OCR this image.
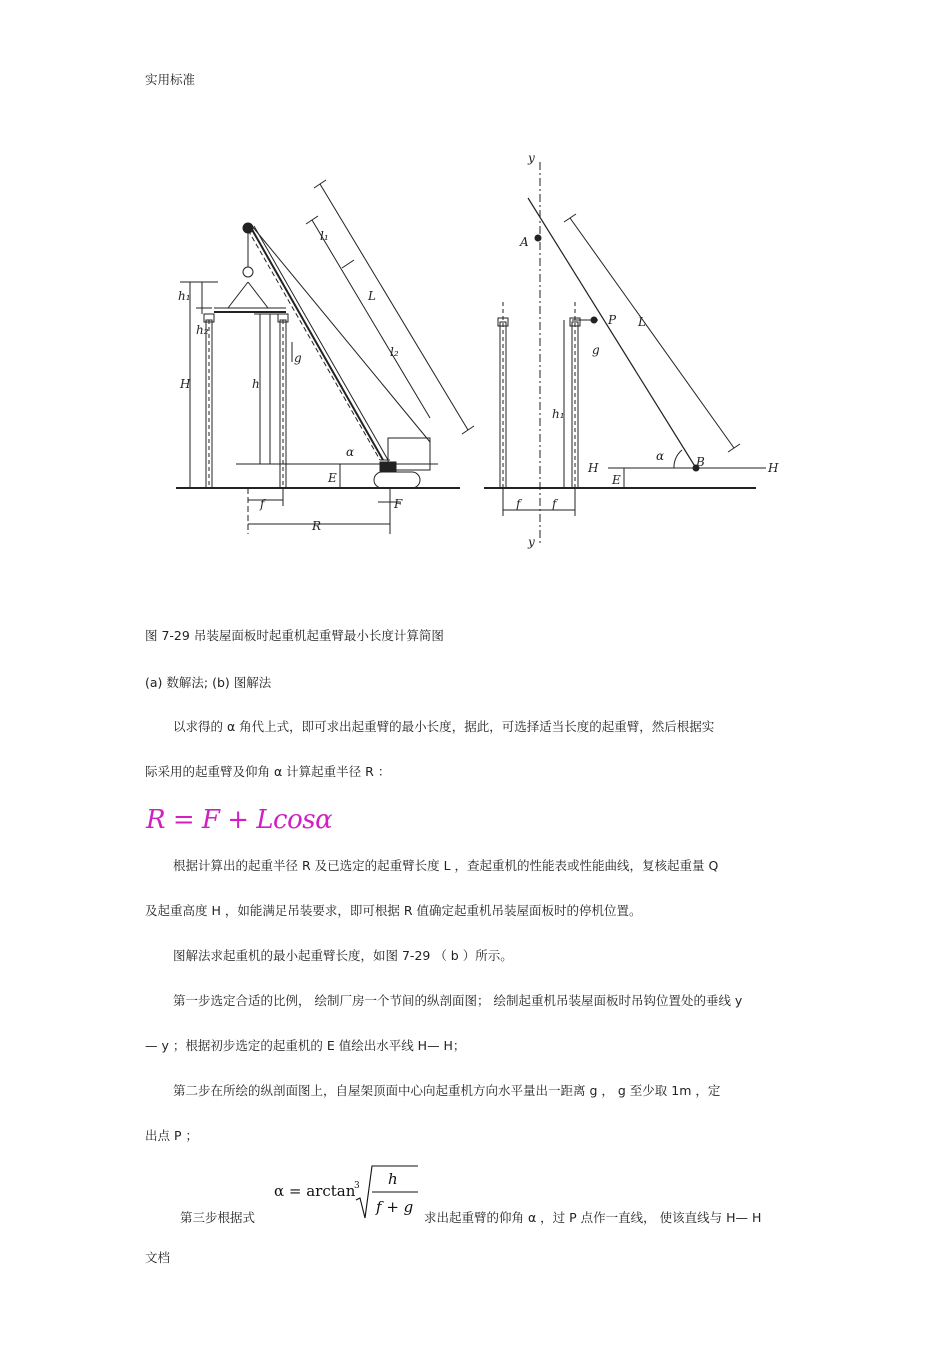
实用标准
h₁
h₂
H	h
g
l₁
L
l₂
α
E
f	F
R
y
y
A
P
g
L
h₁
H	H
α	B
E
f	f
图 7-29 吊装屋面板时起重机起重臂最小长度计算简图
(a) 数解法; (b) 图解法
以求得的 α 角代上式，即可求出起重臂的最小长度，据此，可选择适当长度的起重臂，然后根据实
际采用的起重臂及仰角 α 计算起重半径 R ：
R = F + Lcosα
根据计算出的起重半径 R 及已选定的起重臂长度 L ，查起重机的性能表或性能曲线，复核起重量 Q
及起重高度 H ，如能满足吊装要求，即可根据 R 值确定起重机吊装屋面板时的停机位置。
图解法求起重机的最小起重臂长度，如图 7-29 （ b ）所示。
第一步选定合适的比例， 绘制厂房一个节间的纵剖面图； 绘制起重机吊装屋面板时吊钩位置处的垂线 y
— y ；根据初步选定的起重机的 E 值绘出水平线 H— H；
第二步在所绘的纵剖面图上，自屋架顶面中心向起重机方向水平量出一距离 g ， g 至少取 1m ，定
出点 P ；
α = arctan
3 h
f + g
第三步根据式	求出起重臂的仰角 α ，过 P 点作一直线， 使该直线与 H— H
文档
